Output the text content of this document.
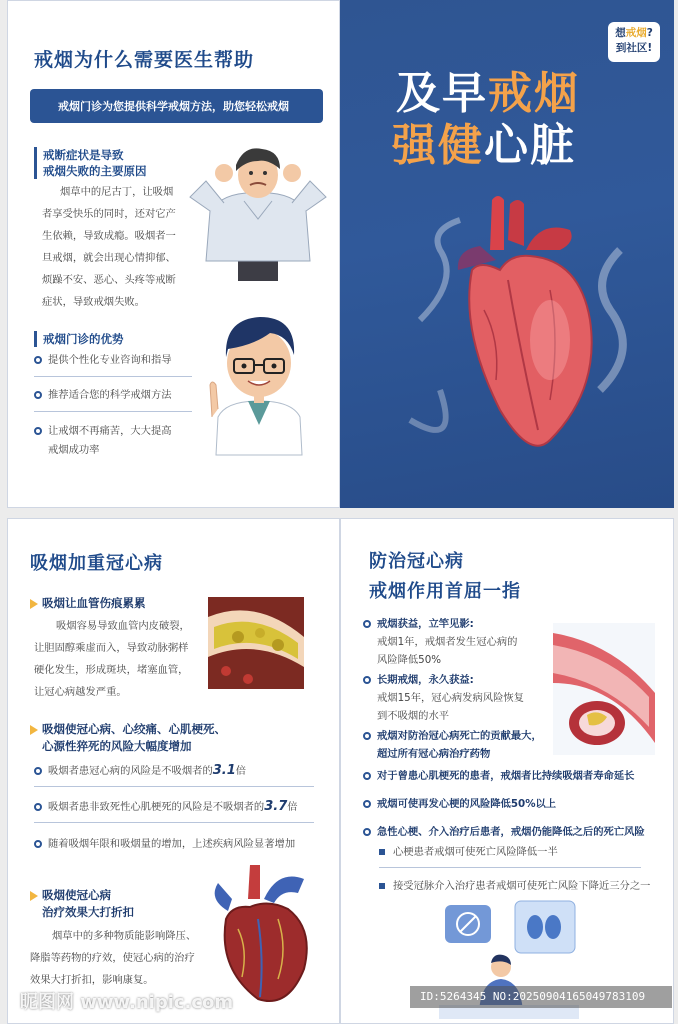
戒烟为什么需要医生帮助
戒烟门诊为您提供科学戒烟方法，助您轻松戒烟
戒断症状是导致
戒烟失败的主要原因
烟草中的尼古丁，让吸烟
者享受快乐的同时，还对它产
生依赖，导致成瘾。吸烟者一
旦戒烟，就会出现心情抑郁、
烦躁不安、恶心、头疼等戒断
症状，导致戒烟失败。
戒烟门诊的优势
提供个性化专业咨询和指导
推荐适合您的科学戒烟方法
让戒烟不再痛苦，大大提高
戒烟成功率
想戒烟?
到社区!
及早戒烟
强健心脏
吸烟加重冠心病
吸烟让血管伤痕累累
吸烟容易导致血管内皮破裂，
让胆固醇乘虚而入，导致动脉粥样
硬化发生，形成斑块，堵塞血管，
让冠心病越发严重。
吸烟使冠心病、心绞痛、心肌梗死、
心源性猝死的风险大幅度增加
吸烟者患冠心病的风险是不吸烟者的3.1倍
吸烟者患非致死性心肌梗死的风险是不吸烟者的3.7倍
随着吸烟年限和吸烟量的增加，上述疾病风险显著增加
吸烟使冠心病
治疗效果大打折扣
烟草中的多种物质能影响降压、
降脂等药物的疗效，使冠心病的治疗
效果大打折扣，影响康复。
防治冠心病
戒烟作用首屈一指
戒烟获益，立竿见影:
戒烟1年，戒烟者发生冠心病的
风险降低50%
长期戒烟，永久获益:
戒烟15年，冠心病发病风险恢复
到不吸烟的水平
戒烟对防治冠心病死亡的贡献最大，
超过所有冠心病治疗药物
对于曾患心肌梗死的患者，戒烟者比持续吸烟者寿命延长
戒烟可使再发心梗的风险降低50%以上
急性心梗、介入治疗后患者，戒烟仍能降低之后的死亡风险
心梗患者戒烟可使死亡风险降低一半
接受冠脉介入治疗患者戒烟可使死亡风险下降近三分之一
昵图网 www.nipic.com	ID:5264345 NO:20250904165049783109
